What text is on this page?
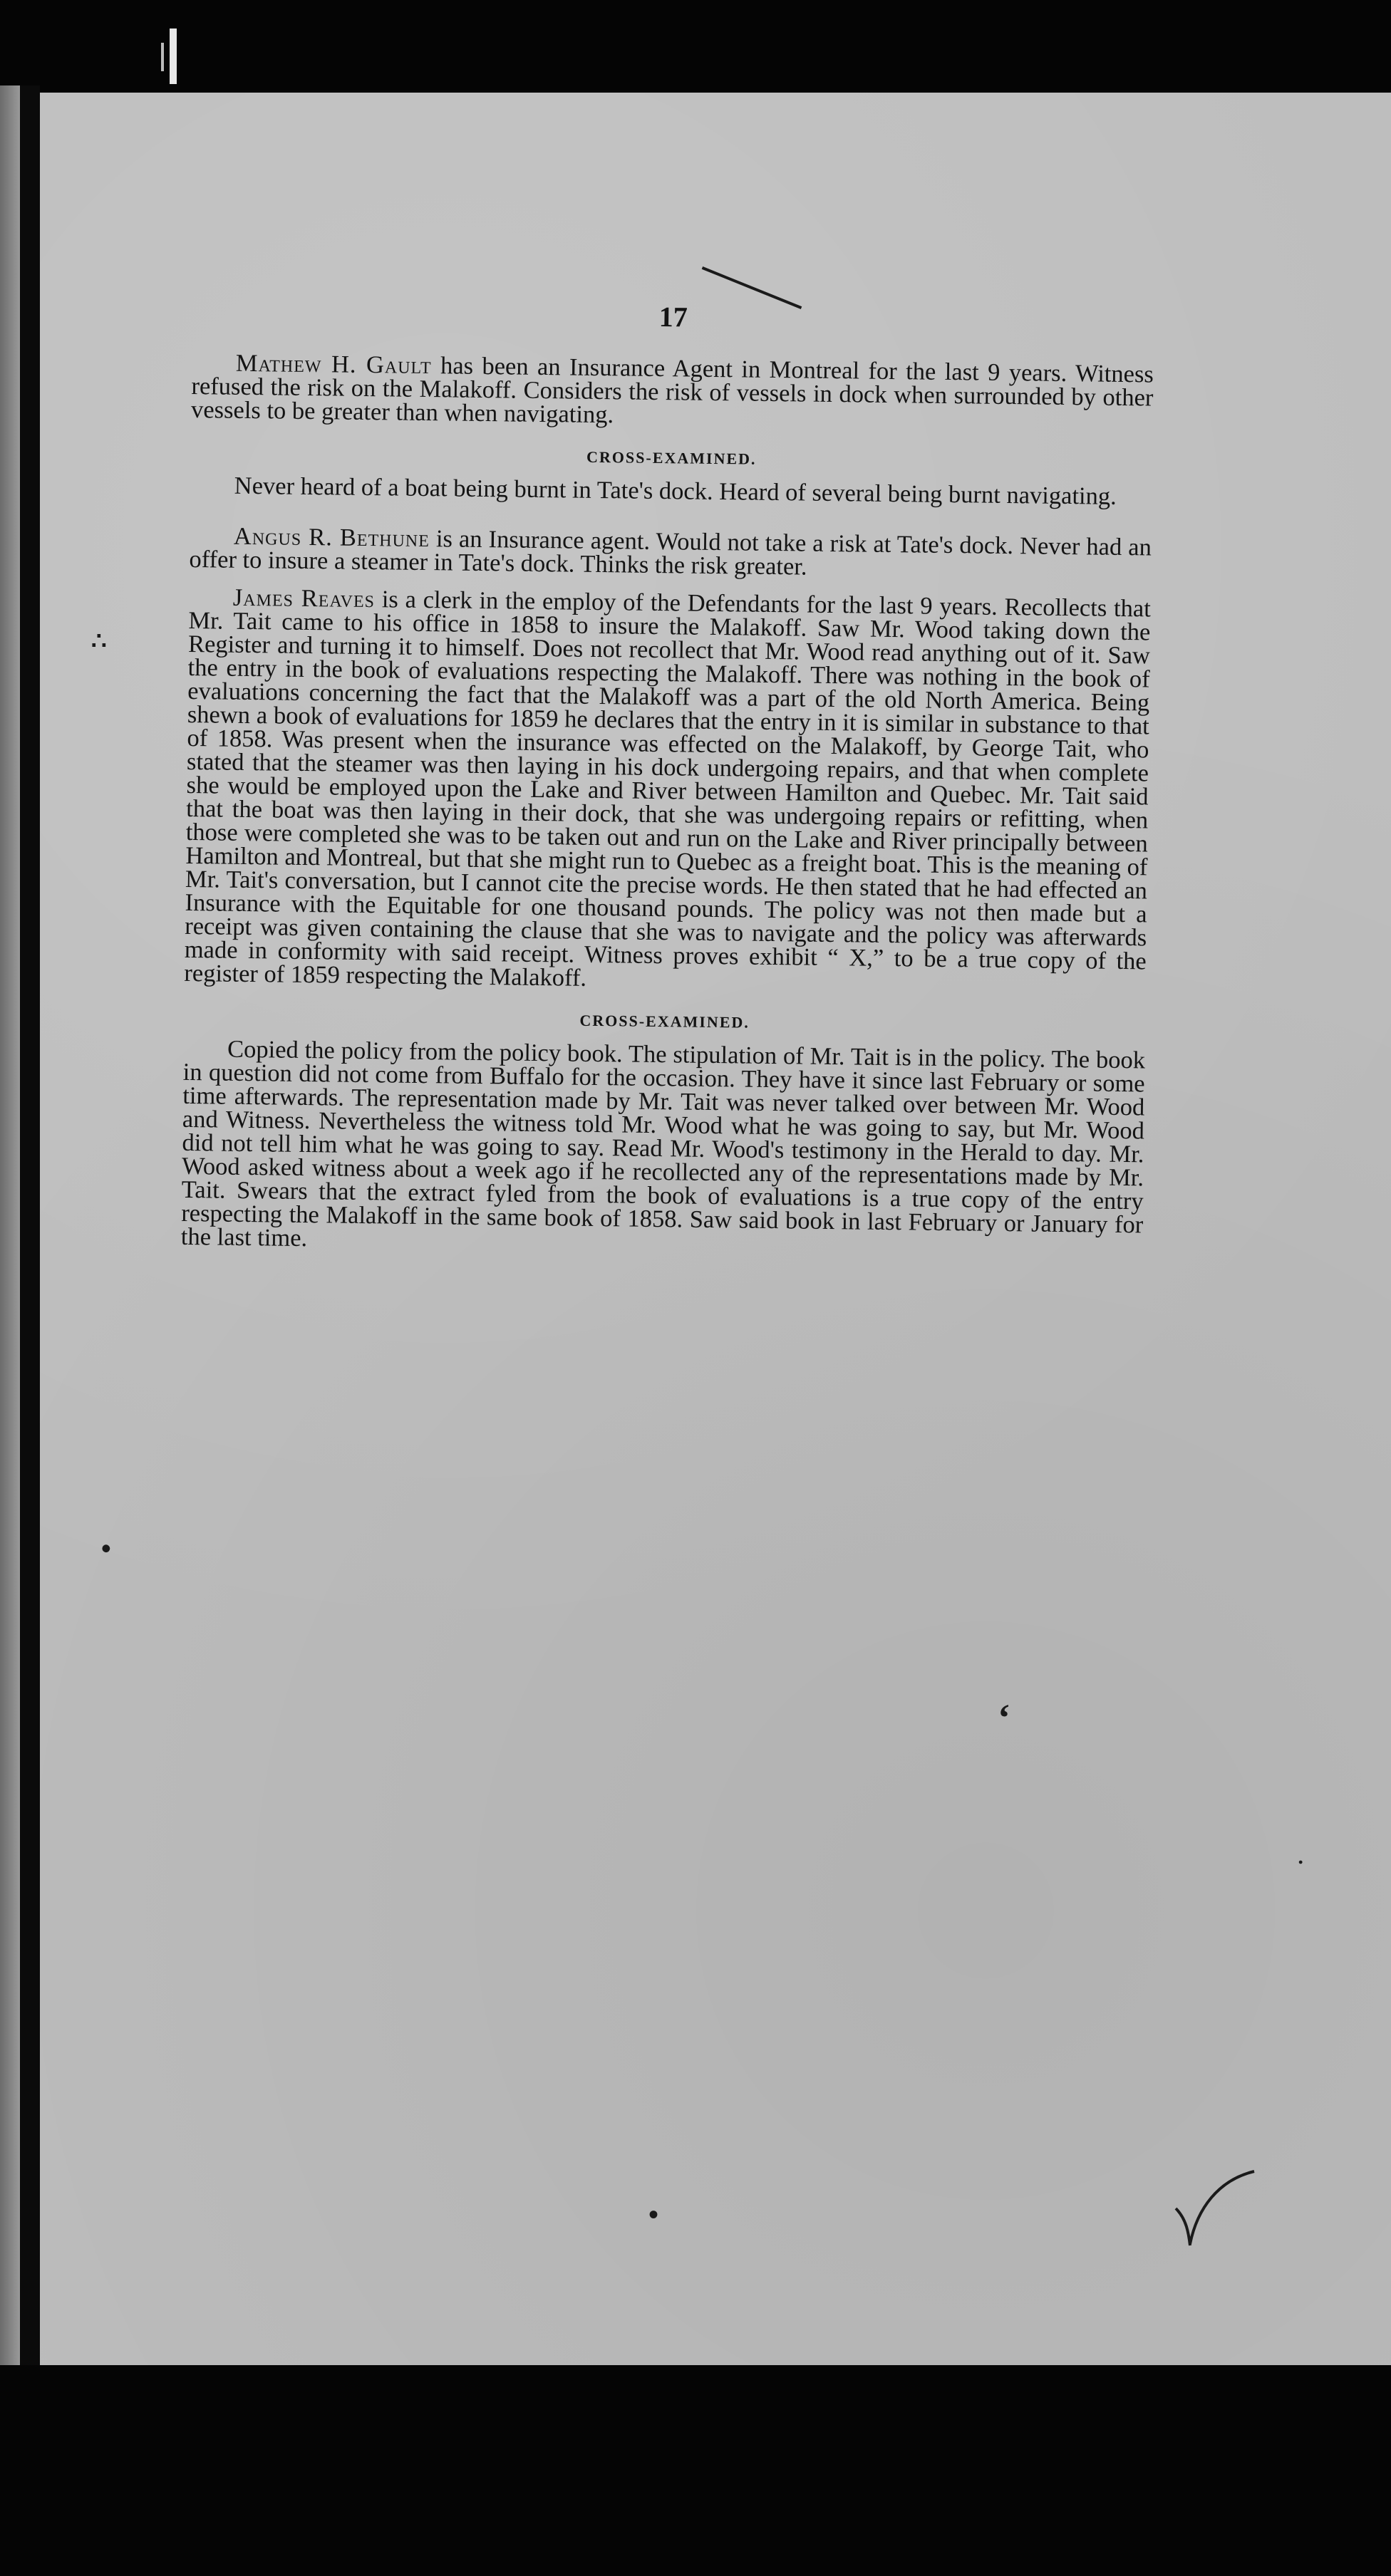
∴
•
‘
•
⋅
17

Mathew H. Gault has been an Insurance Agent in Montreal for the last 9 years. Witness refused the risk on the Malakoff. Considers the risk of vessels in dock when surrounded by other vessels to be greater than when navigating.

CROSS-EXAMINED.

Never heard of a boat being burnt in Tate's dock. Heard of several being burnt navigating.

Angus R. Bethune is an Insurance agent. Would not take a risk at Tate's dock. Never had an offer to insure a steamer in Tate's dock. Thinks the risk greater.

James Reaves is a clerk in the employ of the Defendants for the last 9 years. Recollects that Mr. Tait came to his office in 1858 to insure the Malakoff. Saw Mr. Wood taking down the Register and turning it to himself. Does not recollect that Mr. Wood read anything out of it. Saw the entry in the book of evaluations respecting the Malakoff. There was nothing in the book of evaluations concerning the fact that the Malakoff was a part of the old North America. Being shewn a book of evaluations for 1859 he declares that the entry in it is similar in substance to that of 1858. Was present when the insurance was effected on the Malakoff, by George Tait, who stated that the steamer was then laying in his dock undergoing repairs, and that when complete she would be employed upon the Lake and River between Hamilton and Quebec. Mr. Tait said that the boat was then laying in their dock, that she was undergoing repairs or refitting, when those were completed she was to be taken out and run on the Lake and River principally between Hamilton and Montreal, but that she might run to Quebec as a freight boat. This is the meaning of Mr. Tait's conversation, but I cannot cite the precise words. He then stated that he had effected an Insurance with the Equitable for one thousand pounds. The policy was not then made but a receipt was given containing the clause that she was to navigate and the policy was afterwards made in conformity with said receipt. Witness proves exhibit “ X,” to be a true copy of the register of 1859 respecting the Malakoff.

CROSS-EXAMINED.

Copied the policy from the policy book. The stipulation of Mr. Tait is in the policy. The book in question did not come from Buffalo for the occasion. They have it since last February or some time afterwards. The representation made by Mr. Tait was never talked over between Mr. Wood and Witness. Nevertheless the witness told Mr. Wood what he was going to say, but Mr. Wood did not tell him what he was going to say. Read Mr. Wood's testimony in the Herald to day. Mr. Wood asked witness about a week ago if he recollected any of the representations made by Mr. Tait. Swears that the extract fyled from the book of evaluations is a true copy of the entry respecting the Malakoff in the same book of 1858. Saw said book in last February or January for the last time.
